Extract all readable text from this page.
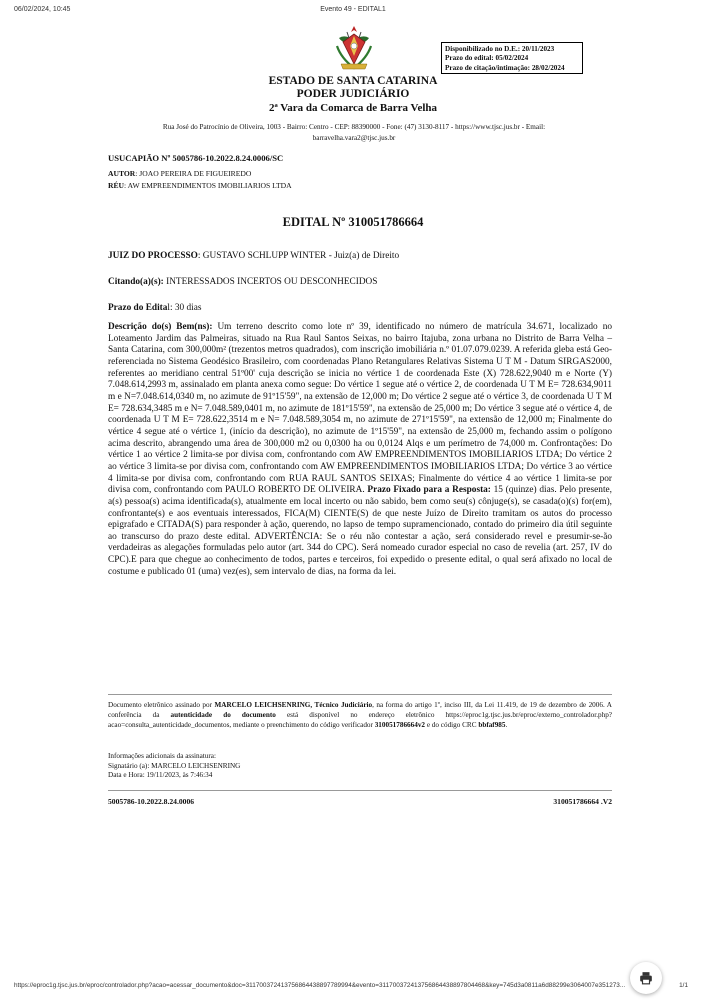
06/02/2024, 10:45	Evento 49 - EDITAL1
Disponibilizado no D.E.: 20/11/2023
Prazo do edital: 05/02/2024
Prazo de citação/intimação: 28/02/2024
ESTADO DE SANTA CATARINA
PODER JUDICIÁRIO
2ª Vara da Comarca de Barra Velha
Rua José do Patrocínio de Oliveira, 1003 - Bairro: Centro - CEP: 88390000 - Fone: (47) 3130-8117 - https://www.tjsc.jus.br - Email:
barravelha.vara2@tjsc.jus.br
USUCAPIÃO Nº 5005786-10.2022.8.24.0006/SC
AUTOR: JOAO PEREIRA DE FIGUEIREDO
RÉU: AW EMPREENDIMENTOS IMOBILIARIOS LTDA
EDITAL Nº 310051786664
JUIZ DO PROCESSO: GUSTAVO SCHLUPP WINTER - Juiz(a) de Direito
Citando(a)(s): INTERESSADOS INCERTOS OU DESCONHECIDOS
Prazo do Edital: 30 dias
Descrição do(s) Bem(ns): Um terreno descrito como lote nº 39, identificado no número de matrícula 34.671, localizado no Loteamento Jardim das Palmeiras, situado na Rua Raul Santos Seixas, no bairro Itajuba, zona urbana no Distrito de Barra Velha – Santa Catarina, com 300,000m² (trezentos metros quadrados), com inscrição imobiliária n.º 01.07.079.0239. A referida gleba está Geo-referenciada no Sistema Geodésico Brasileiro, com coordenadas Plano Retangulares Relativas Sistema U T M - Datum SIRGAS2000, referentes ao meridiano central 51º00' cuja descrição se inicia no vértice 1 de coordenada Este (X) 728.622,9040 m e Norte (Y) 7.048.614,2993 m, assinalado em planta anexa como segue: Do vértice 1 segue até o vértice 2, de coordenada U T M E= 728.634,9011 m e N=7.048.614,0340 m, no azimute de 91º15'59", na extensão de 12,000 m; Do vértice 2 segue até o vértice 3, de coordenada U T M E= 728.634,3485 m e N= 7.048.589,0401 m, no azimute de 181º15'59", na extensão de 25,000 m; Do vértice 3 segue até o vértice 4, de coordenada U T M E= 728.622,3514 m e N= 7.048.589,3054 m, no azimute de 271º15'59", na extensão de 12,000 m; Finalmente do vértice 4 segue até o vértice 1, (início da descrição), no azimute de 1º15'59", na extensão de 25,000 m, fechando assim o polígono acima descrito, abrangendo uma área de 300,000 m2 ou 0,0300 ha ou 0,0124 Alqs e um perímetro de 74,000 m. Confrontações: Do vértice 1 ao vértice 2 limita-se por divisa com, confrontando com AW EMPREENDIMENTOS IMOBILIARIOS LTDA; Do vértice 2 ao vértice 3 limita-se por divisa com, confrontando com AW EMPREENDIMENTOS IMOBILIARIOS LTDA; Do vértice 3 ao vértice 4 limita-se por divisa com, confrontando com RUA RAUL SANTOS SEIXAS; Finalmente do vértice 4 ao vértice 1 limita-se por divisa com, confrontando com PAULO ROBERTO DE OLIVEIRA. Prazo Fixado para a Resposta: 15 (quinze) dias. Pelo presente, a(s) pessoa(s) acima identificada(s), atualmente em local incerto ou não sabido, bem como seu(s) cônjuge(s), se casada(o)(s) for(em), confrontante(s) e aos eventuais interessados, FICA(M) CIENTE(S) de que neste Juízo de Direito tramitam os autos do processo epigrafado e CITADA(S) para responder à ação, querendo, no lapso de tempo supramencionado, contado do primeiro dia útil seguinte ao transcurso do prazo deste edital. ADVERTÊNCIA: Se o réu não contestar a ação, será considerado revel e presumir-se-ão verdadeiras as alegações formuladas pelo autor (art. 344 do CPC). Será nomeado curador especial no caso de revelia (art. 257, IV do CPC).E para que chegue ao conhecimento de todos, partes e terceiros, foi expedido o presente edital, o qual será afixado no local de costume e publicado 01 (uma) vez(es), sem intervalo de dias, na forma da lei.
Documento eletrônico assinado por MARCELO LEICHSENRING, Técnico Judiciário, na forma do artigo 1º, inciso III, da Lei 11.419, de 19 de dezembro de 2006. A conferência da autenticidade do documento está disponível no endereço eletrônico https://eproc1g.tjsc.jus.br/eproc/externo_controlador.php?acao=consulta_autenticidade_documentos, mediante o preenchimento do código verificador 310051786664v2 e do código CRC bbfaf985.
Informações adicionais da assinatura:
Signatário (a): MARCELO LEICHSENRING
Data e Hora: 19/11/2023, às 7:46:34
5005786-10.2022.8.24.0006	310051786664 .V2
https://eproc1g.tjsc.jus.br/eproc/controlador.php?acao=acessar_documento&doc=311700372413756864438897789994&evento=311700372413756864438897804468&key=745d3a0811a6d88299e3064007e351273...	1/1
